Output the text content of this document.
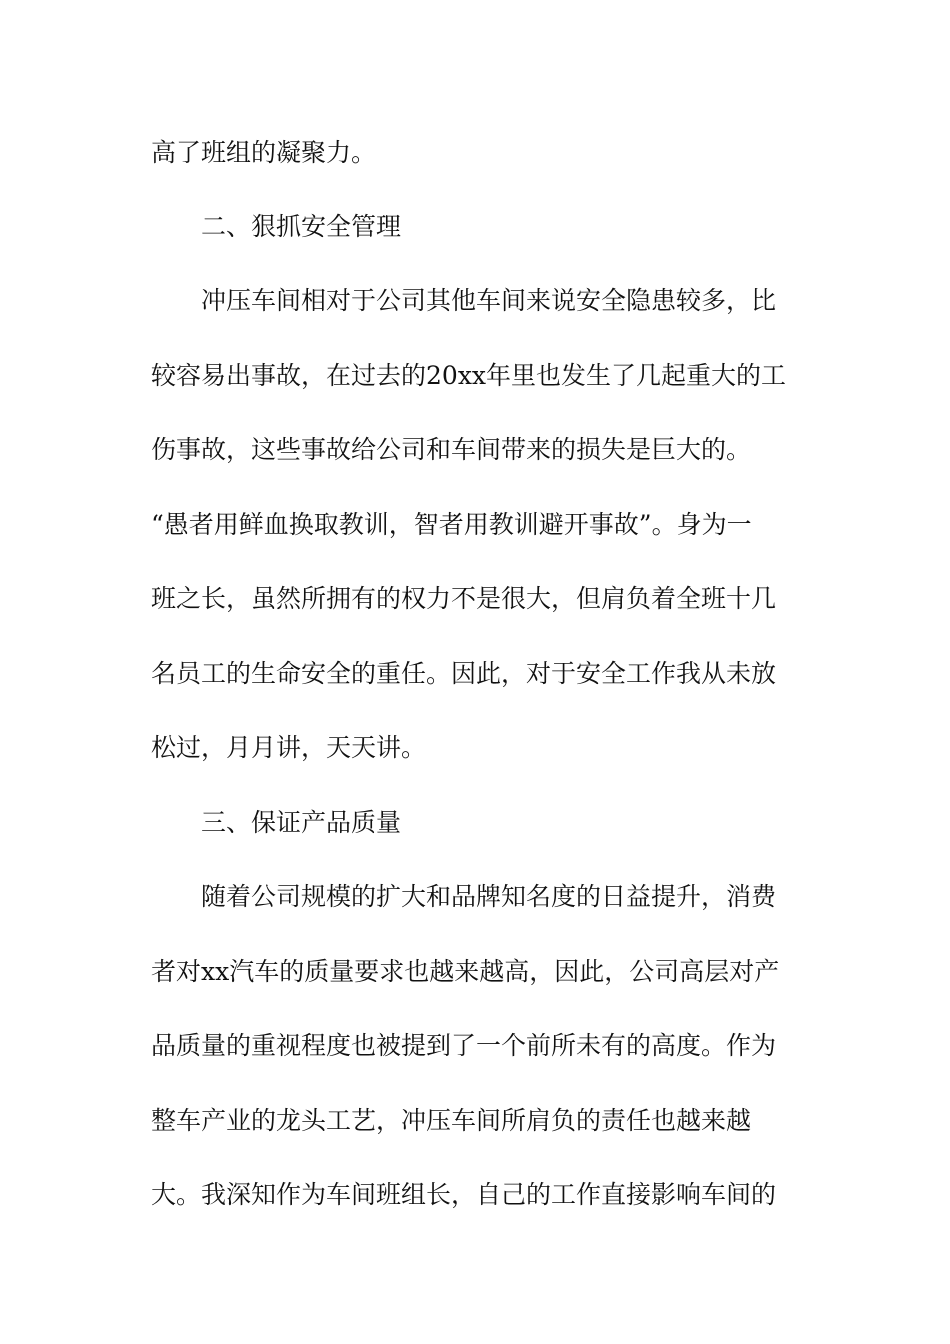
高了班组的凝聚力。
二、狠抓安全管理
冲压车间相对于公司其他车间来说安全隐患较多，比
较容易出事故，在过去的20xx年里也发生了几起重大的工
伤事故，这些事故给公司和车间带来的损失是巨大的。
“愚者用鲜血换取教训，智者用教训避开事故”。身为一
班之长，虽然所拥有的权力不是很大，但肩负着全班十几
名员工的生命安全的重任。因此，对于安全工作我从未放
松过，月月讲，天天讲。
三、保证产品质量
随着公司规模的扩大和品牌知名度的日益提升，消费
者对xx汽车的质量要求也越来越高，因此，公司高层对产
品质量的重视程度也被提到了一个前所未有的高度。作为
整车产业的龙头工艺，冲压车间所肩负的责任也越来越
大。我深知作为车间班组长，自己的工作直接影响车间的
